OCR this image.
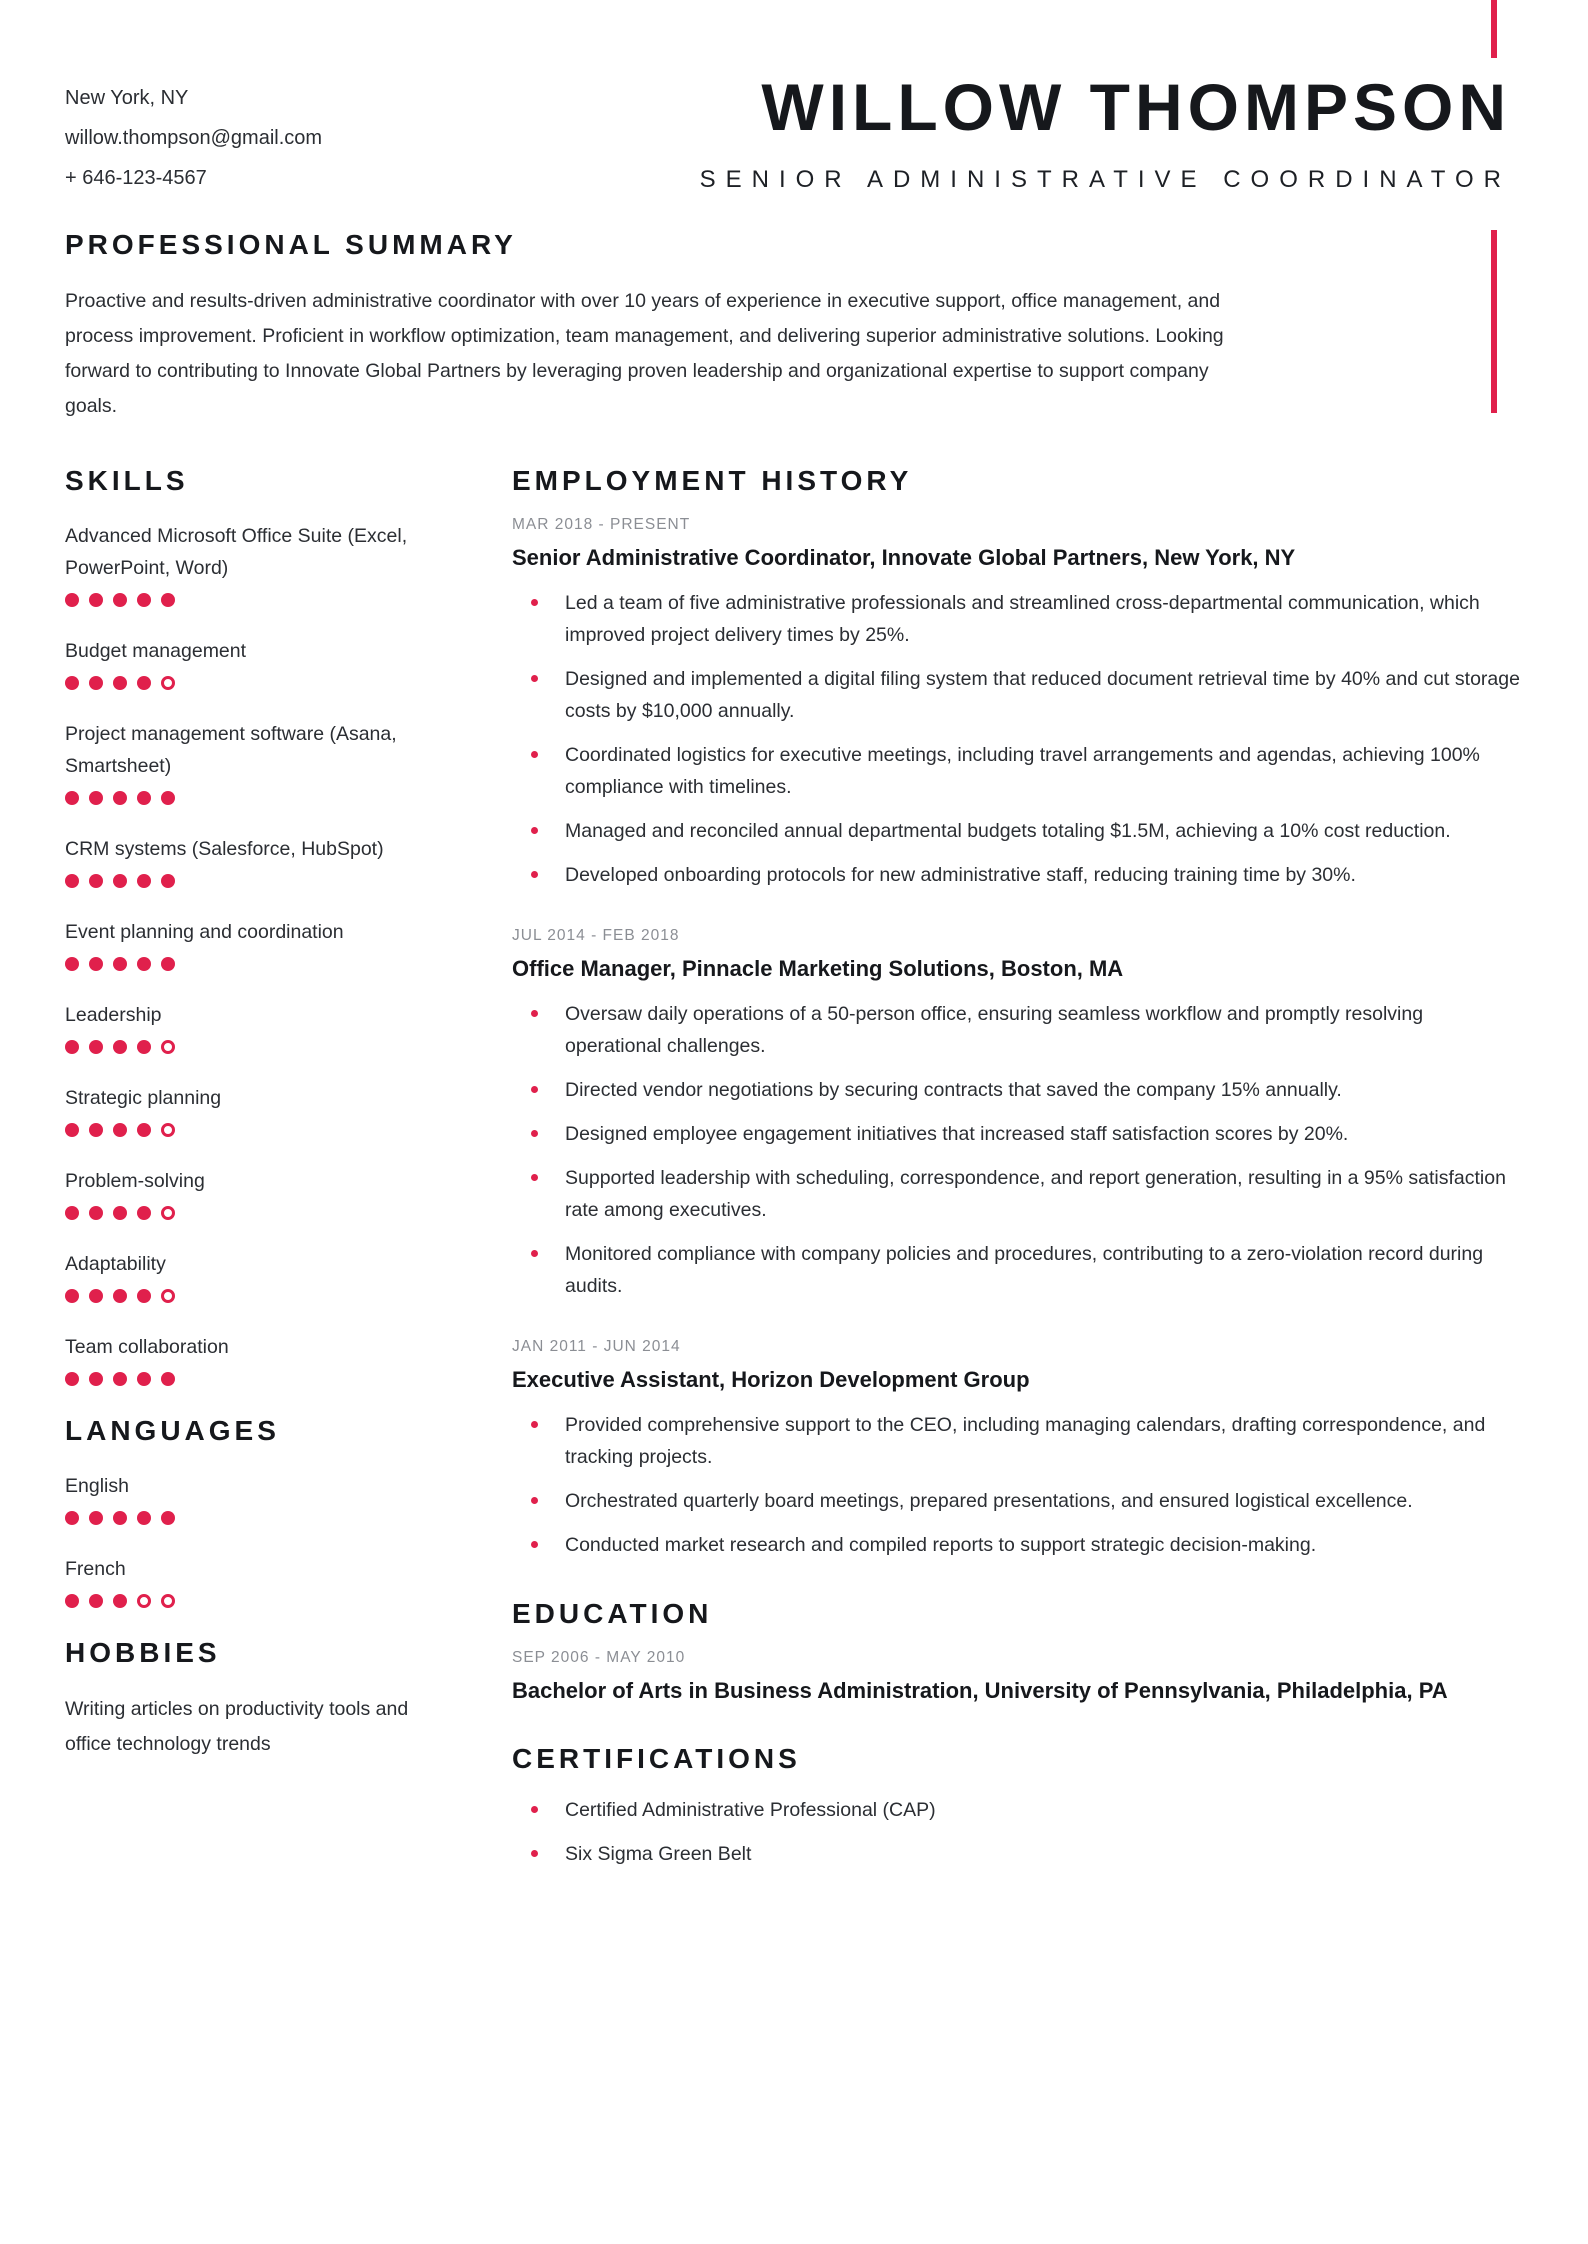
New York, NY
willow.thompson@gmail.com
+ 646-123-4567
WILLOW THOMPSON
SENIOR ADMINISTRATIVE COORDINATOR
PROFESSIONAL SUMMARY

Proactive and results-driven administrative coordinator with over 10 years of experience in executive support, office management, and process improvement. Proficient in workflow optimization, team management, and delivering superior administrative solutions. Looking forward to contributing to Innovate Global Partners by leveraging proven leadership and organizational expertise to support company goals.

SKILLS
Advanced Microsoft Office Suite (Excel, PowerPoint, Word)
Budget management
Project management software (Asana, Smartsheet)
CRM systems (Salesforce, HubSpot)
Event planning and coordination
Leadership
Strategic planning
Problem-solving
Adaptability
Team collaboration
LANGUAGES
English
French
HOBBIES

Writing articles on productivity tools and office technology trends

EMPLOYMENT HISTORY
MAR 2018 - PRESENT
Senior Administrative Coordinator, Innovate Global Partners, New York, NY
Led a team of five administrative professionals and streamlined cross-departmental communication, which improved project delivery times by 25%.
Designed and implemented a digital filing system that reduced document retrieval time by 40% and cut storage costs by $10,000 annually.
Coordinated logistics for executive meetings, including travel arrangements and agendas, achieving 100% compliance with timelines.
Managed and reconciled annual departmental budgets totaling $1.5M, achieving a 10% cost reduction.
Developed onboarding protocols for new administrative staff, reducing training time by 30%.
JUL 2014 - FEB 2018
Office Manager, Pinnacle Marketing Solutions, Boston, MA
Oversaw daily operations of a 50-person office, ensuring seamless workflow and promptly resolving operational challenges.
Directed vendor negotiations by securing contracts that saved the company 15% annually.
Designed employee engagement initiatives that increased staff satisfaction scores by 20%.
Supported leadership with scheduling, correspondence, and report generation, resulting in a 95% satisfaction rate among executives.
Monitored compliance with company policies and procedures, contributing to a zero-violation record during audits.
JAN 2011 - JUN 2014
Executive Assistant, Horizon Development Group
Provided comprehensive support to the CEO, including managing calendars, drafting correspondence, and tracking projects.
Orchestrated quarterly board meetings, prepared presentations, and ensured logistical excellence.
Conducted market research and compiled reports to support strategic decision-making.
EDUCATION
SEP 2006 - MAY 2010
Bachelor of Arts in Business Administration, University of Pennsylvania, Philadelphia, PA
CERTIFICATIONS
Certified Administrative Professional (CAP)
Six Sigma Green Belt
